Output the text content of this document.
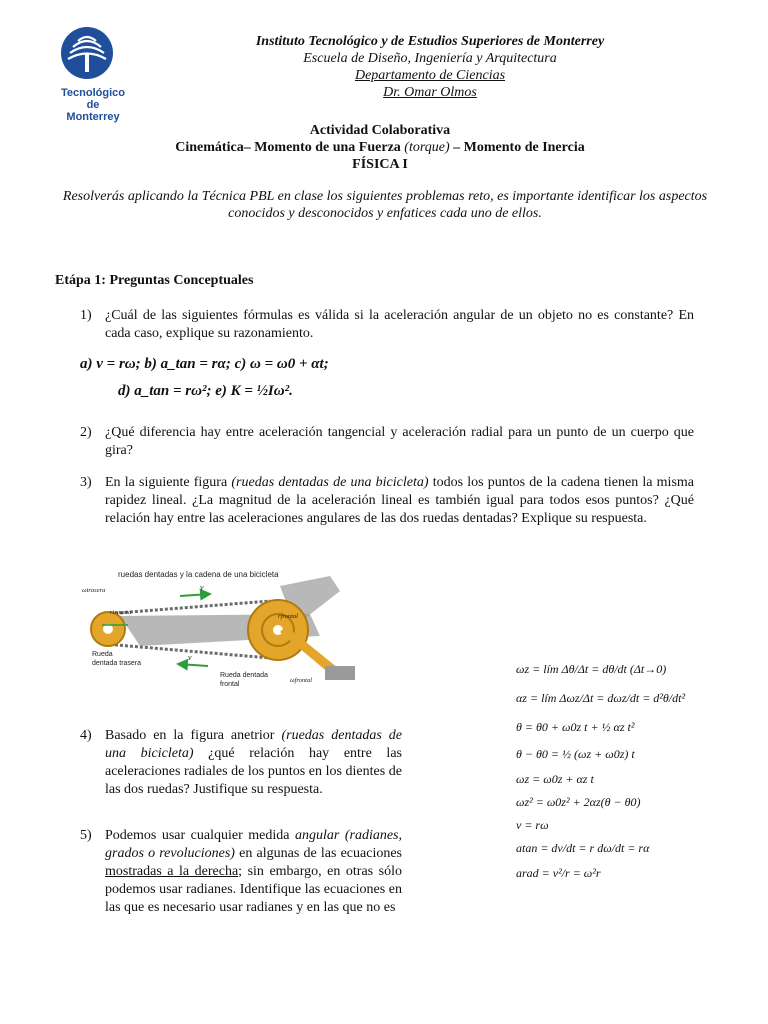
Tecnológico
de Monterrey
Instituto Tecnológico y de Estudios Superiores de Monterrey
Escuela de Diseño, Ingeniería y Arquitectura
Departamento de Ciencias
Dr. Omar Olmos
Actividad Colaborativa
Cinemática– Momento de una Fuerza (torque) – Momento de Inercia
FÍSICA I
Resolverás aplicando la Técnica PBL en clase los siguientes problemas reto, es importante identificar los aspectos conocidos y desconocidos y enfatices cada uno de ellos.
Etápa 1: Preguntas Conceptuales
1) ¿Cuál de las siguientes fórmulas es válida si la aceleración angular de un objeto no es constante? En cada caso, explique su razonamiento.
a) v = rω; b) a_tan = rα; c) ω = ω0 + αt;
d) a_tan = rω²; e) K = ½Iω².
2) ¿Qué diferencia hay entre aceleración tangencial y aceleración radial para un punto de un cuerpo que gira?
3) En la siguiente figura (ruedas dentadas de una bicicleta) todos los puntos de la cadena tienen la misma rapidez lineal. ¿La magnitud de la aceleración lineal es también igual para todos esos puntos? ¿Qué relación hay entre las aceleraciones angulares de las dos ruedas dentadas? Explique su respuesta.
ruedas dentadas y la cadena de una bicicleta
ωtrasera
rtrasera
v
v
Rueda
dentada trasera
rfrontal
Rueda dentada
frontal
ωfrontal
4) Basado en la figura anetrior (ruedas dentadas de una bicicleta) ¿qué relación hay entre las aceleraciones radiales de los puntos en los dientes de las dos ruedas? Justifique su respuesta.
5) Podemos usar cualquier medida angular (radianes, grados o revoluciones) en algunas de las ecuaciones mostradas a la derecha; sin embargo, en otras sólo podemos usar radianes. Identifique las ecuaciones en las que es necesario usar radianes y en las que no es
ωz = lím Δθ/Δt = dθ/dt (Δt→0)
αz = lím Δωz/Δt = dωz/dt = d²θ/dt²
θ = θ0 + ω0z t + ½ αz t²
θ − θ0 = ½ (ωz + ω0z) t
ωz = ω0z + αz t
ωz² = ω0z² + 2αz(θ − θ0)
v = rω
atan = dv/dt = r dω/dt = rα
arad = v²/r = ω²r
